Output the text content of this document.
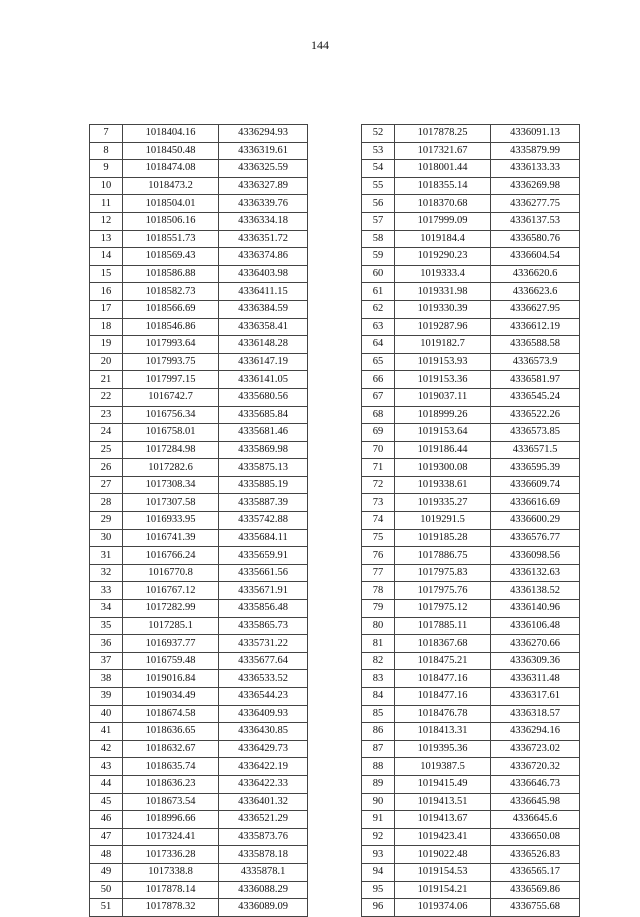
144
7	1018404.16	4336294.93
8	1018450.48	4336319.61
9	1018474.08	4336325.59
10	1018473.2	4336327.89
11	1018504.01	4336339.76
12	1018506.16	4336334.18
13	1018551.73	4336351.72
14	1018569.43	4336374.86
15	1018586.88	4336403.98
16	1018582.73	4336411.15
17	1018566.69	4336384.59
18	1018546.86	4336358.41
19	1017993.64	4336148.28
20	1017993.75	4336147.19
21	1017997.15	4336141.05
22	1016742.7	4335680.56
23	1016756.34	4335685.84
24	1016758.01	4335681.46
25	1017284.98	4335869.98
26	1017282.6	4335875.13
27	1017308.34	4335885.19
28	1017307.58	4335887.39
29	1016933.95	4335742.88
30	1016741.39	4335684.11
31	1016766.24	4335659.91
32	1016770.8	4335661.56
33	1016767.12	4335671.91
34	1017282.99	4335856.48
35	1017285.1	4335865.73
36	1016937.77	4335731.22
37	1016759.48	4335677.64
38	1019016.84	4336533.52
39	1019034.49	4336544.23
40	1018674.58	4336409.93
41	1018636.65	4336430.85
42	1018632.67	4336429.73
43	1018635.74	4336422.19
44	1018636.23	4336422.33
45	1018673.54	4336401.32
46	1018996.66	4336521.29
47	1017324.41	4335873.76
48	1017336.28	4335878.18
49	1017338.8	4335878.1
50	1017878.14	4336088.29
51	1017878.32	4336089.09
52	1017878.25	4336091.13
53	1017321.67	4335879.99
54	1018001.44	4336133.33
55	1018355.14	4336269.98
56	1018370.68	4336277.75
57	1017999.09	4336137.53
58	1019184.4	4336580.76
59	1019290.23	4336604.54
60	1019333.4	4336620.6
61	1019331.98	4336623.6
62	1019330.39	4336627.95
63	1019287.96	4336612.19
64	1019182.7	4336588.58
65	1019153.93	4336573.9
66	1019153.36	4336581.97
67	1019037.11	4336545.24
68	1018999.26	4336522.26
69	1019153.64	4336573.85
70	1019186.44	4336571.5
71	1019300.08	4336595.39
72	1019338.61	4336609.74
73	1019335.27	4336616.69
74	1019291.5	4336600.29
75	1019185.28	4336576.77
76	1017886.75	4336098.56
77	1017975.83	4336132.63
78	1017975.76	4336138.52
79	1017975.12	4336140.96
80	1017885.11	4336106.48
81	1018367.68	4336270.66
82	1018475.21	4336309.36
83	1018477.16	4336311.48
84	1018477.16	4336317.61
85	1018476.78	4336318.57
86	1018413.31	4336294.16
87	1019395.36	4336723.02
88	1019387.5	4336720.32
89	1019415.49	4336646.73
90	1019413.51	4336645.98
91	1019413.67	4336645.6
92	1019423.41	4336650.08
93	1019022.48	4336526.83
94	1019154.53	4336565.17
95	1019154.21	4336569.86
96	1019374.06	4336755.68
